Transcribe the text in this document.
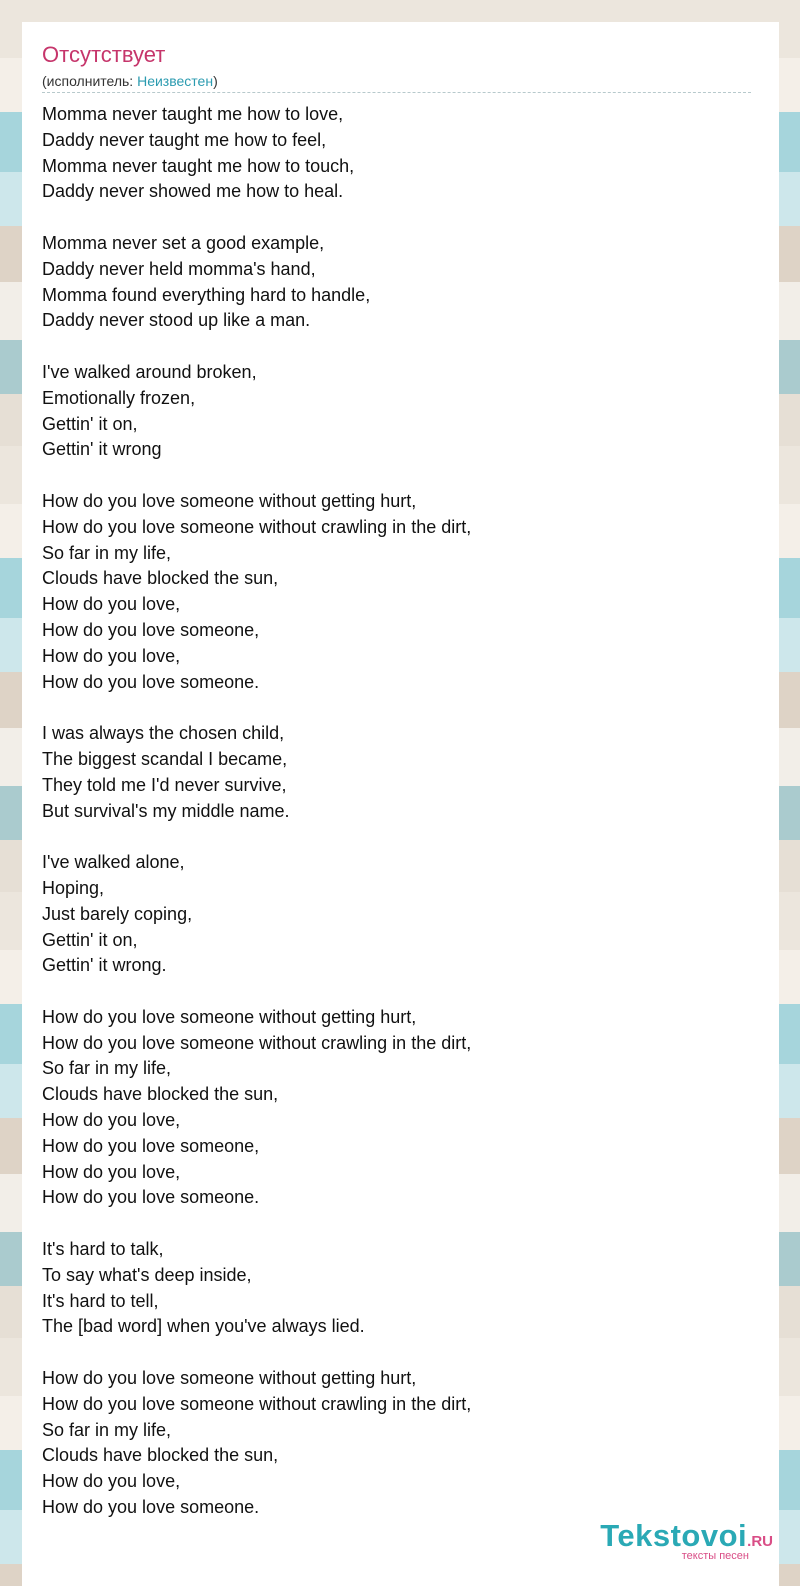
Отсутствует
(исполнитель: Неизвестен)
Momma never taught me how to love,
Daddy never taught me how to feel,
Momma never taught me how to touch,
Daddy never showed me how to heal.
Momma never set a good example,
Daddy never held momma's hand,
Momma found everything hard to handle,
Daddy never stood up like a man.
I've walked around broken,
Emotionally frozen,
Gettin' it on,
Gettin' it wrong
How do you love someone without getting hurt,
How do you love someone without crawling in the dirt,
So far in my life,
Clouds have blocked the sun,
How do you love,
How do you love someone,
How do you love,
How do you love someone.
I was always the chosen child,
The biggest scandal I became,
They told me I'd never survive,
But survival's my middle name.
I've walked alone,
Hoping,
Just barely coping,
Gettin' it on,
Gettin' it wrong.
How do you love someone without getting hurt,
How do you love someone without crawling in the dirt,
So far in my life,
Clouds have blocked the sun,
How do you love,
How do you love someone,
How do you love,
How do you love someone.
It's hard to talk,
To say what's deep inside,
It's hard to tell,
The [bad word] when you've always lied.
How do you love someone without getting hurt,
How do you love someone without crawling in the dirt,
So far in my life,
Clouds have blocked the sun,
How do you love,
How do you love someone.
Tekstovoi.RU
тексты песен
